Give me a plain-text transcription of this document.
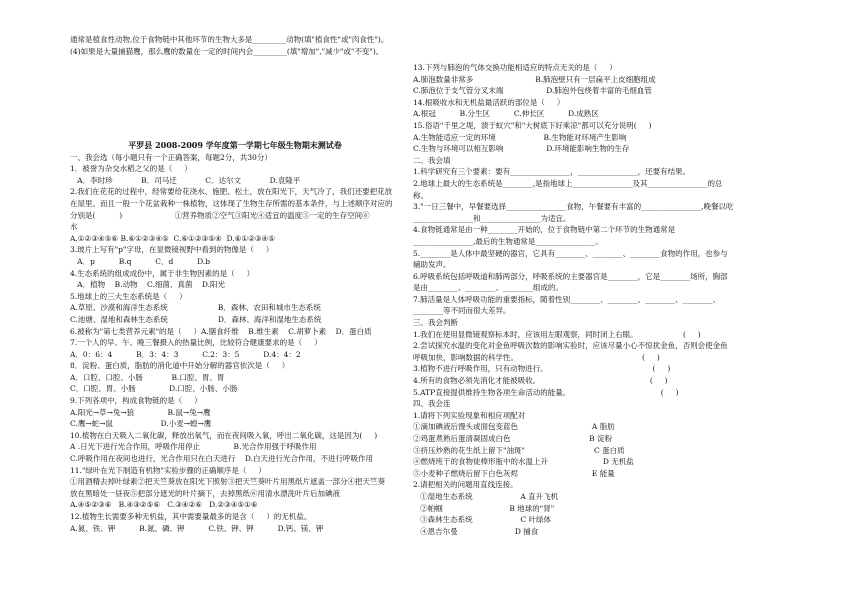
通常是植食性动物,位于食物链中其他环节的生物大多是_________动物(填"植食性"或"肉食性")。
(4)如果是大量捕猫鹰，那么鹰的数量在一定的时间内会_________(填"增加","减少"或"不变")。
平罗县 2008-2009 学年度第一学期七年级生物期末测试卷
一、我会选（每小题只有一个正确答案，每题2分，共30分）
1．被誉为杂交水稻之父的是（     ）
A．李时珍            B．司马迁            C．达尔文            D.袁隆平
2.我们在花花的过程中，经常要给花浇水、施肥、松土，放在阳光下，天气冷了，我们还要把花放
在屋里。而且一般一个花盆栽种一株植物，这体现了生物生存所需的基本条件，与上述顺序对应的
分别是(          )                      ①营养物质②空气③阳光④适宜的温度⑤一定的生存空间⑥
水
A.①②③④⑤⑥ B.⑥①②③④⑤  C.⑥①②③⑤④  D.⑥①②③④⑤
3.玻片上写有"p"字母，在显微镜视野中看到的物像是（     ）
A．p          B.q          C．d          D.b
4.生态系统的组成成份中，属于非生物因素的是（     ）
A．植物    B.动物    C.细菌、真菌    D.阳光
5.地球上的三大生态系统是（     ）
A.草原、沙漠和海洋生态系统                     B．森林、农田和城市生态系统
C.池塘、湿地和森林生态系统                     D．森林、海洋和湿地生态系统
6.被称为"第七类营养元素"的是（     ）A.膳食纤维    B.维生素    C.胡萝卜素    D．蛋白质
7.一个人的早、午、晚三餐摄入的热量比例，比较符合健康要求的是（     ）
A．0：6：4          B．3：4：3          C.2：3：5          D.4：4：2
8．淀粉、蛋白质，脂肪的消化道中开始分解的器官依次是（     ）
A．口腔、口腔、小肠            B.口腔、胃、胃
C．口腔、胃、小肠              D.口腔、小肠、小肠
9.下列各项中，构成食物链的是（     ）
A.阳光→草→兔→狼              B.鼠→兔→鹰
C.鹰→蛇→鼠                    D.小麦→蝗→鹰
10.植物在白天吸入二氧化碳，释放出氧气，而在夜间吸入氧，呼出二氧化碳，这是因为(     )
A .日光下进行光合作用，呼吸作用停止              B.光合作用强于呼吸作用
C.呼吸作用在夜间也进行，光合作用只在白天进行    D.白天进行光合作用，不进行呼吸作用
11."绿叶在光下制造有机物"实验步骤的正确顺序是（     ）
①用酒精去掉叶绿素②把天竺葵放在阳光下照射③把天竺葵叶片用黑纸片遮盖一部分④把天竺葵
放在黑暗处一昼夜⑤把部分遮光的叶片摘下，去掉黑纸⑥用清水漂洗叶片后加碘液
A.④⑤②③⑥   B.④③②⑤⑥   C.③④②⑥   D.②③④⑤①⑥
12.植物生长需要多种无机盐，其中需要量最多的是含（     ）的无机盐。
A.氮、铁、钾          B.氮、磷、钾          C.铁、钾、钾          D.钙、镁、钾
13.下列与肺泡的气体交换功能相适应的特点无关的是（     ）
A.肺泡数量非常多                          B.肺泡壁只有一层扁平上皮细胞组成
C.肺泡位于支气管分叉末端                  D.肺泡外包绕着丰富的毛细血管
14.根吸收水和无机盐最活跃的部位是（     ）
A.根冠          B.分生区          C.伸长区          D.成熟区
15.俗语"千里之堤，溃于蚁穴"和"大树底下好乘凉"都可以充分说明(     )
A.生物能适应一定的环境                    B.生物能对环境产生影响
C.生物与环境可以相互影响                  D.环境能影响生物的生存
二、我会填
1.科学研究有三个要素：要有________________，________________，还要有结果。
2.地球上最大的生态系统是________,是指地球上________________及其________________的总
称。
3."一日三餐中，早餐要选择________________食物，午餐要有丰富的________________,晚餐以吃
________________和________________为适宜。
4.食物链通常是由一种________开始的，位于食物链中第二个环节的生物通常是
________________,最后的生物通常是________________。
5.________是人体中最坚硬的器官，它具有________、________、________食物的作用，也参与
辅助发声。
6.呼吸系统包括呼吸道和肺两部分，呼吸系统的主要器官是________，它是________场所，胸部
是由________、________、________组成的。
7.肺活量是人体呼吸功能的重要指标，随着性别________、________、________、________、
________等不同而很大差异。
三、我会判断
1.我们在使用显微镜观察标本时，应该用左眼观察，同时闭上右眼。                   (     )
2.尝试探究水温的变化对金鱼呼吸次数的影响实验时，应该尽量小心不惊扰金鱼，否则会使金鱼
呼吸加快，影响数据的科学性。                                                    (     )
3.植物不进行呼吸作用，只有动物进行。                                            (     )
4.所有的食物必须先消化才能被吸收。                                              (     )
5.ATP直接提供维持生物各项生命活动的能量。                                      (     )
四、我会连
1.请将下列实验现象和相应项配对
①滴加碘液后馒头或面包变蓝色                               A 脂肪
②鸡蛋煮熟后蛋清凝固成白色                                 B 淀粉
③挤压炒熟的花生纸上留下"油斑"                             C 蛋白质
④燃烧班干的食物徒棒形瓶中的水温上升                       D 无机盐
⑤小麦种子燃烧后留下白色灰烬                               E 能量
2.请把相关的问题用直线连接。
①湿地生态系统                    A 直升飞机
②帕帼                            B 地球的"肾"
③森林生态系统                    C 叶绿体
④恩吉尔曼                        D 捕食
